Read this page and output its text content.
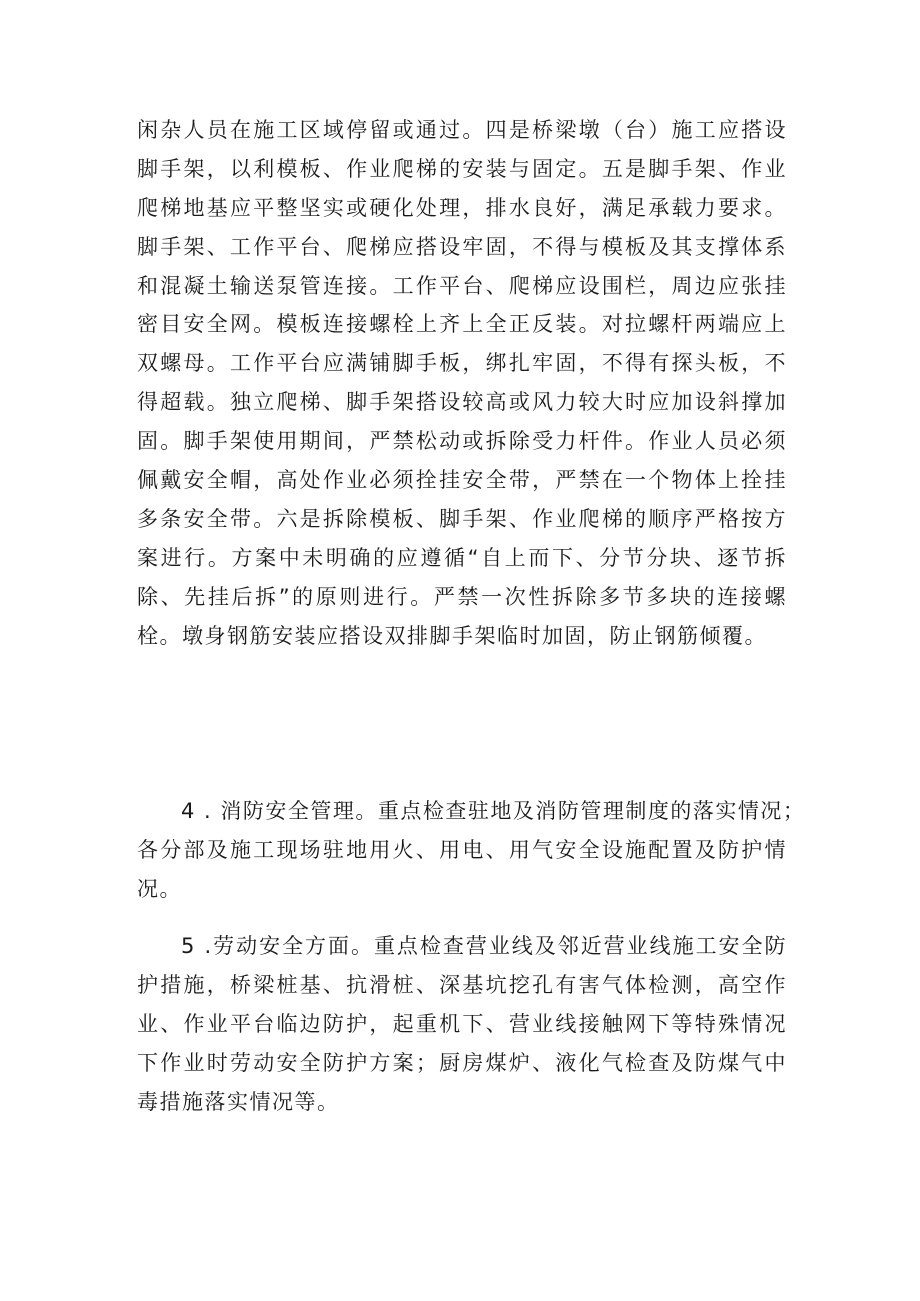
闲杂人员在施工区域停留或通过。四是桥梁墩（台）施工应搭设
脚手架，以利模板、作业爬梯的安装与固定。五是脚手架、作业
爬梯地基应平整坚实或硬化处理，排水良好，满足承载力要求。
脚手架、工作平台、爬梯应搭设牢固，不得与模板及其支撑体系
和混凝土输送泵管连接。工作平台、爬梯应设围栏，周边应张挂
密目安全网。模板连接螺栓上齐上全正反装。对拉螺杆两端应上
双螺母。工作平台应满铺脚手板，绑扎牢固，不得有探头板，不
得超载。独立爬梯、脚手架搭设较高或风力较大时应加设斜撑加
固。脚手架使用期间，严禁松动或拆除受力杆件。作业人员必须
佩戴安全帽，高处作业必须拴挂安全带，严禁在一个物体上拴挂
多条安全带。六是拆除模板、脚手架、作业爬梯的顺序严格按方
案进行。方案中未明确的应遵循“自上而下、分节分块、逐节拆
除、先挂后拆”的原则进行。严禁一次性拆除多节多块的连接螺
栓。墩身钢筋安装应搭设双排脚手架临时加固，防止钢筋倾覆。
4 . 消防安全管理。重点检查驻地及消防管理制度的落实情况；
各分部及施工现场驻地用火、用电、用气安全设施配置及防护情
况。
5 .劳动安全方面。重点检查营业线及邻近营业线施工安全防
护措施，桥梁桩基、抗滑桩、深基坑挖孔有害气体检测，高空作
业、作业平台临边防护，起重机下、营业线接触网下等特殊情况
下作业时劳动安全防护方案；厨房煤炉、液化气检查及防煤气中
毒措施落实情况等。
